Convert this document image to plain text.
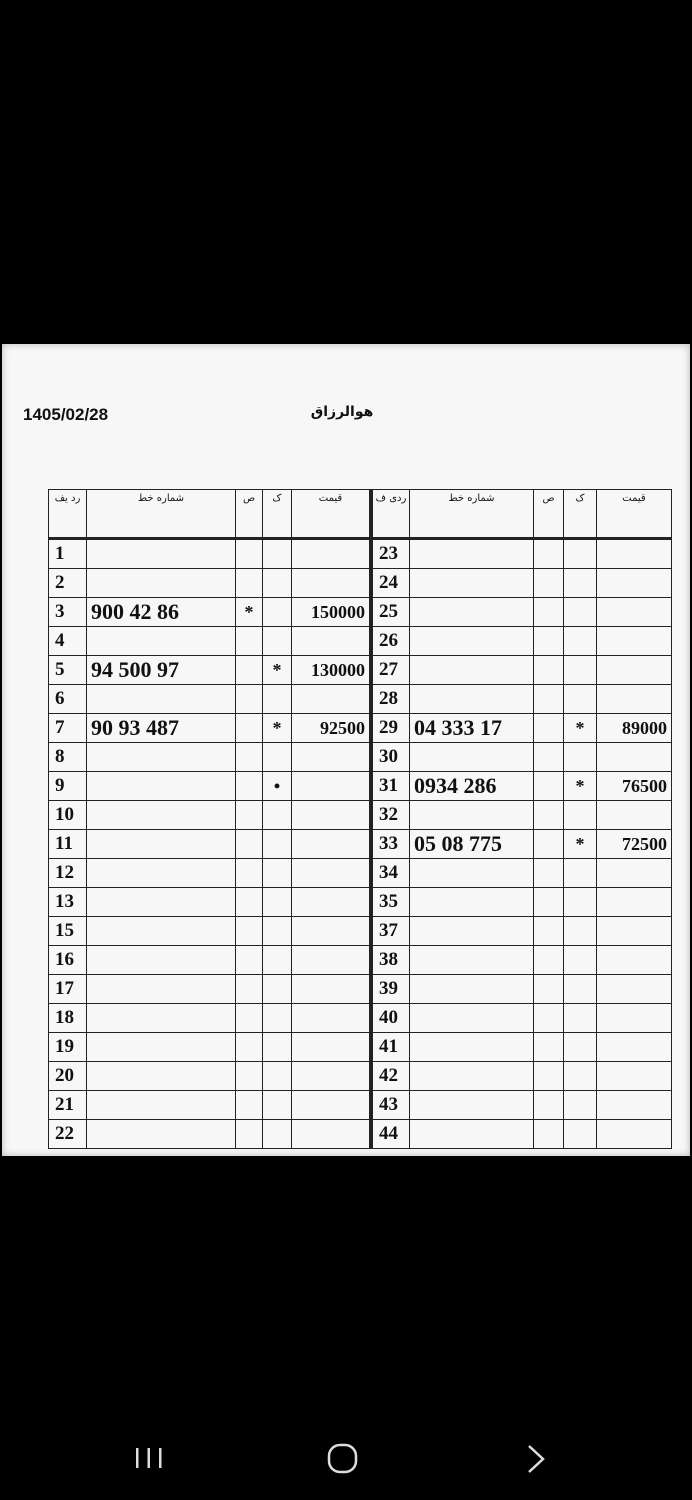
1405/02/28	هوالرزاق
رد یف	شماره خط	ص	ک	قیمت
1				
2				
3	900 42 86	*		150000
4				
5	94 500 97		*	130000
6				
7	90 93 487		*	92500
8				
9			•	
10				
11				
12				
13				
15				
16				
17				
18				
19				
20				
21				
22				
ردی ف	شماره خط	ص	ک	قیمت
23				
24				
25				
26				
27				
28				
29	04 333 17		*	89000
30				
31	0934 286		*	76500
32				
33	05 08 775		*	72500
34				
35				
37				
38				
39				
40				
41				
42				
43				
44				
